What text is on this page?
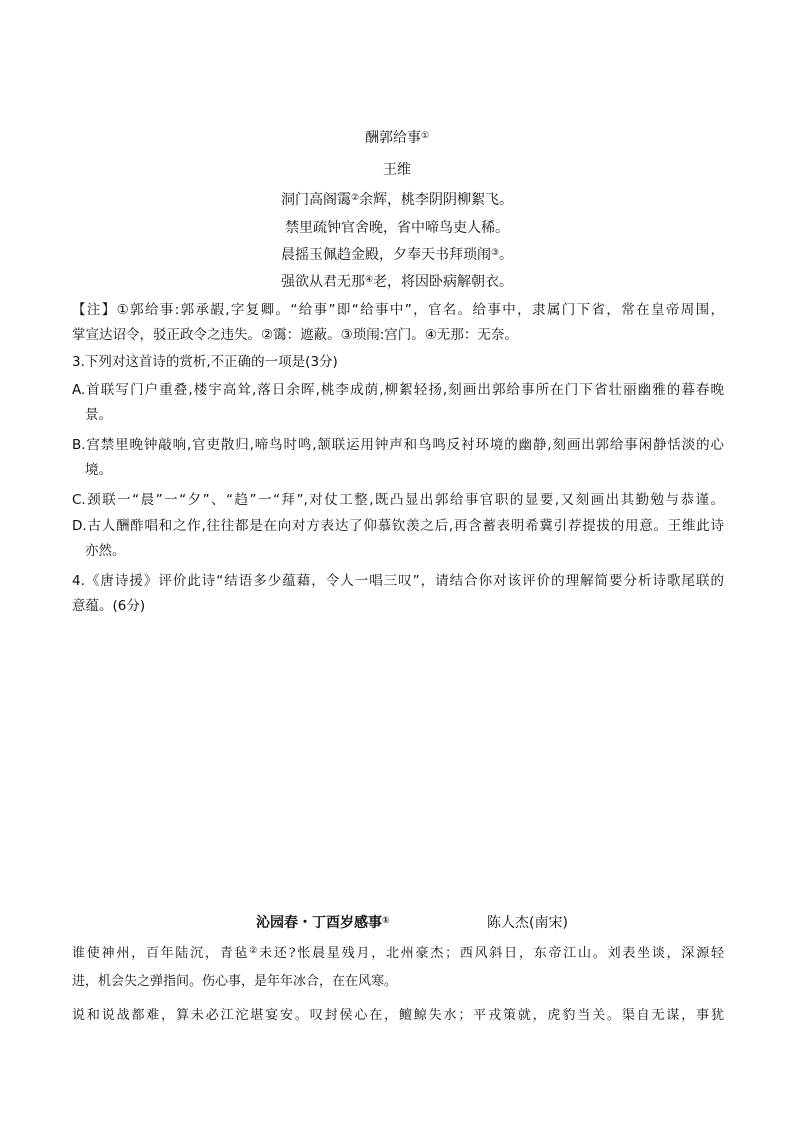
酬郭给事①
王维
洞门高阁霭②余辉，桃李阴阴柳絮飞。
禁里疏钟官舍晚，省中啼鸟吏人稀。
晨摇玉佩趋金殿，夕奉天书拜琐闱③。
强欲从君无那④老，将因卧病解朝衣。
【注】①郭给事:郭承嘏,字复卿。“给事”即“给事中”，官名。给事中，隶属门下省，常在皇帝周围，
掌宣达诏令，驳正政令之违失。②霭：遮蔽。③琐闱:宫门。④无那：无奈。
3.下列对这首诗的赏析,不正确的一项是(3分)
A.首联写门户重叠,楼宇高耸,落日余晖,桃李成荫,柳絮轻扬,刻画出郭给事所在门下省壮丽幽雅的暮春晚
景。
B.宫禁里晚钟敲响,官吏散归,啼鸟时鸣,颔联运用钟声和鸟鸣反衬环境的幽静,刻画出郭给事闲静恬淡的心
境。
C.颈联一“晨”一“夕”、“趋”一“拜”,对仗工整,既凸显出郭给事官职的显要,又刻画出其勤勉与恭谨。
D.古人酬酢唱和之作,往往都是在向对方表达了仰慕钦羡之后,再含蓄表明希冀引荐提拔的用意。王维此诗
亦然。
4.《唐诗援》评价此诗“结语多少蕴藉，令人一唱三叹”，请结合你对该评价的理解简要分析诗歌尾联的
意蕴。(6分)
沁园春・丁酉岁感事①	陈人杰(南宋)
谁使神州，百年陆沉，青毡②未还?怅晨星残月，北州豪杰；西风斜日，东帝江山。刘表坐谈，深源轻
进，机会失之弹指间。伤心事，是年年冰合，在在风寒。
说和说战都难，算未必江沱堪宴安。叹封侯心在，鳣鲸失水；平戎策就，虎豹当关。渠自无谋，事犹
